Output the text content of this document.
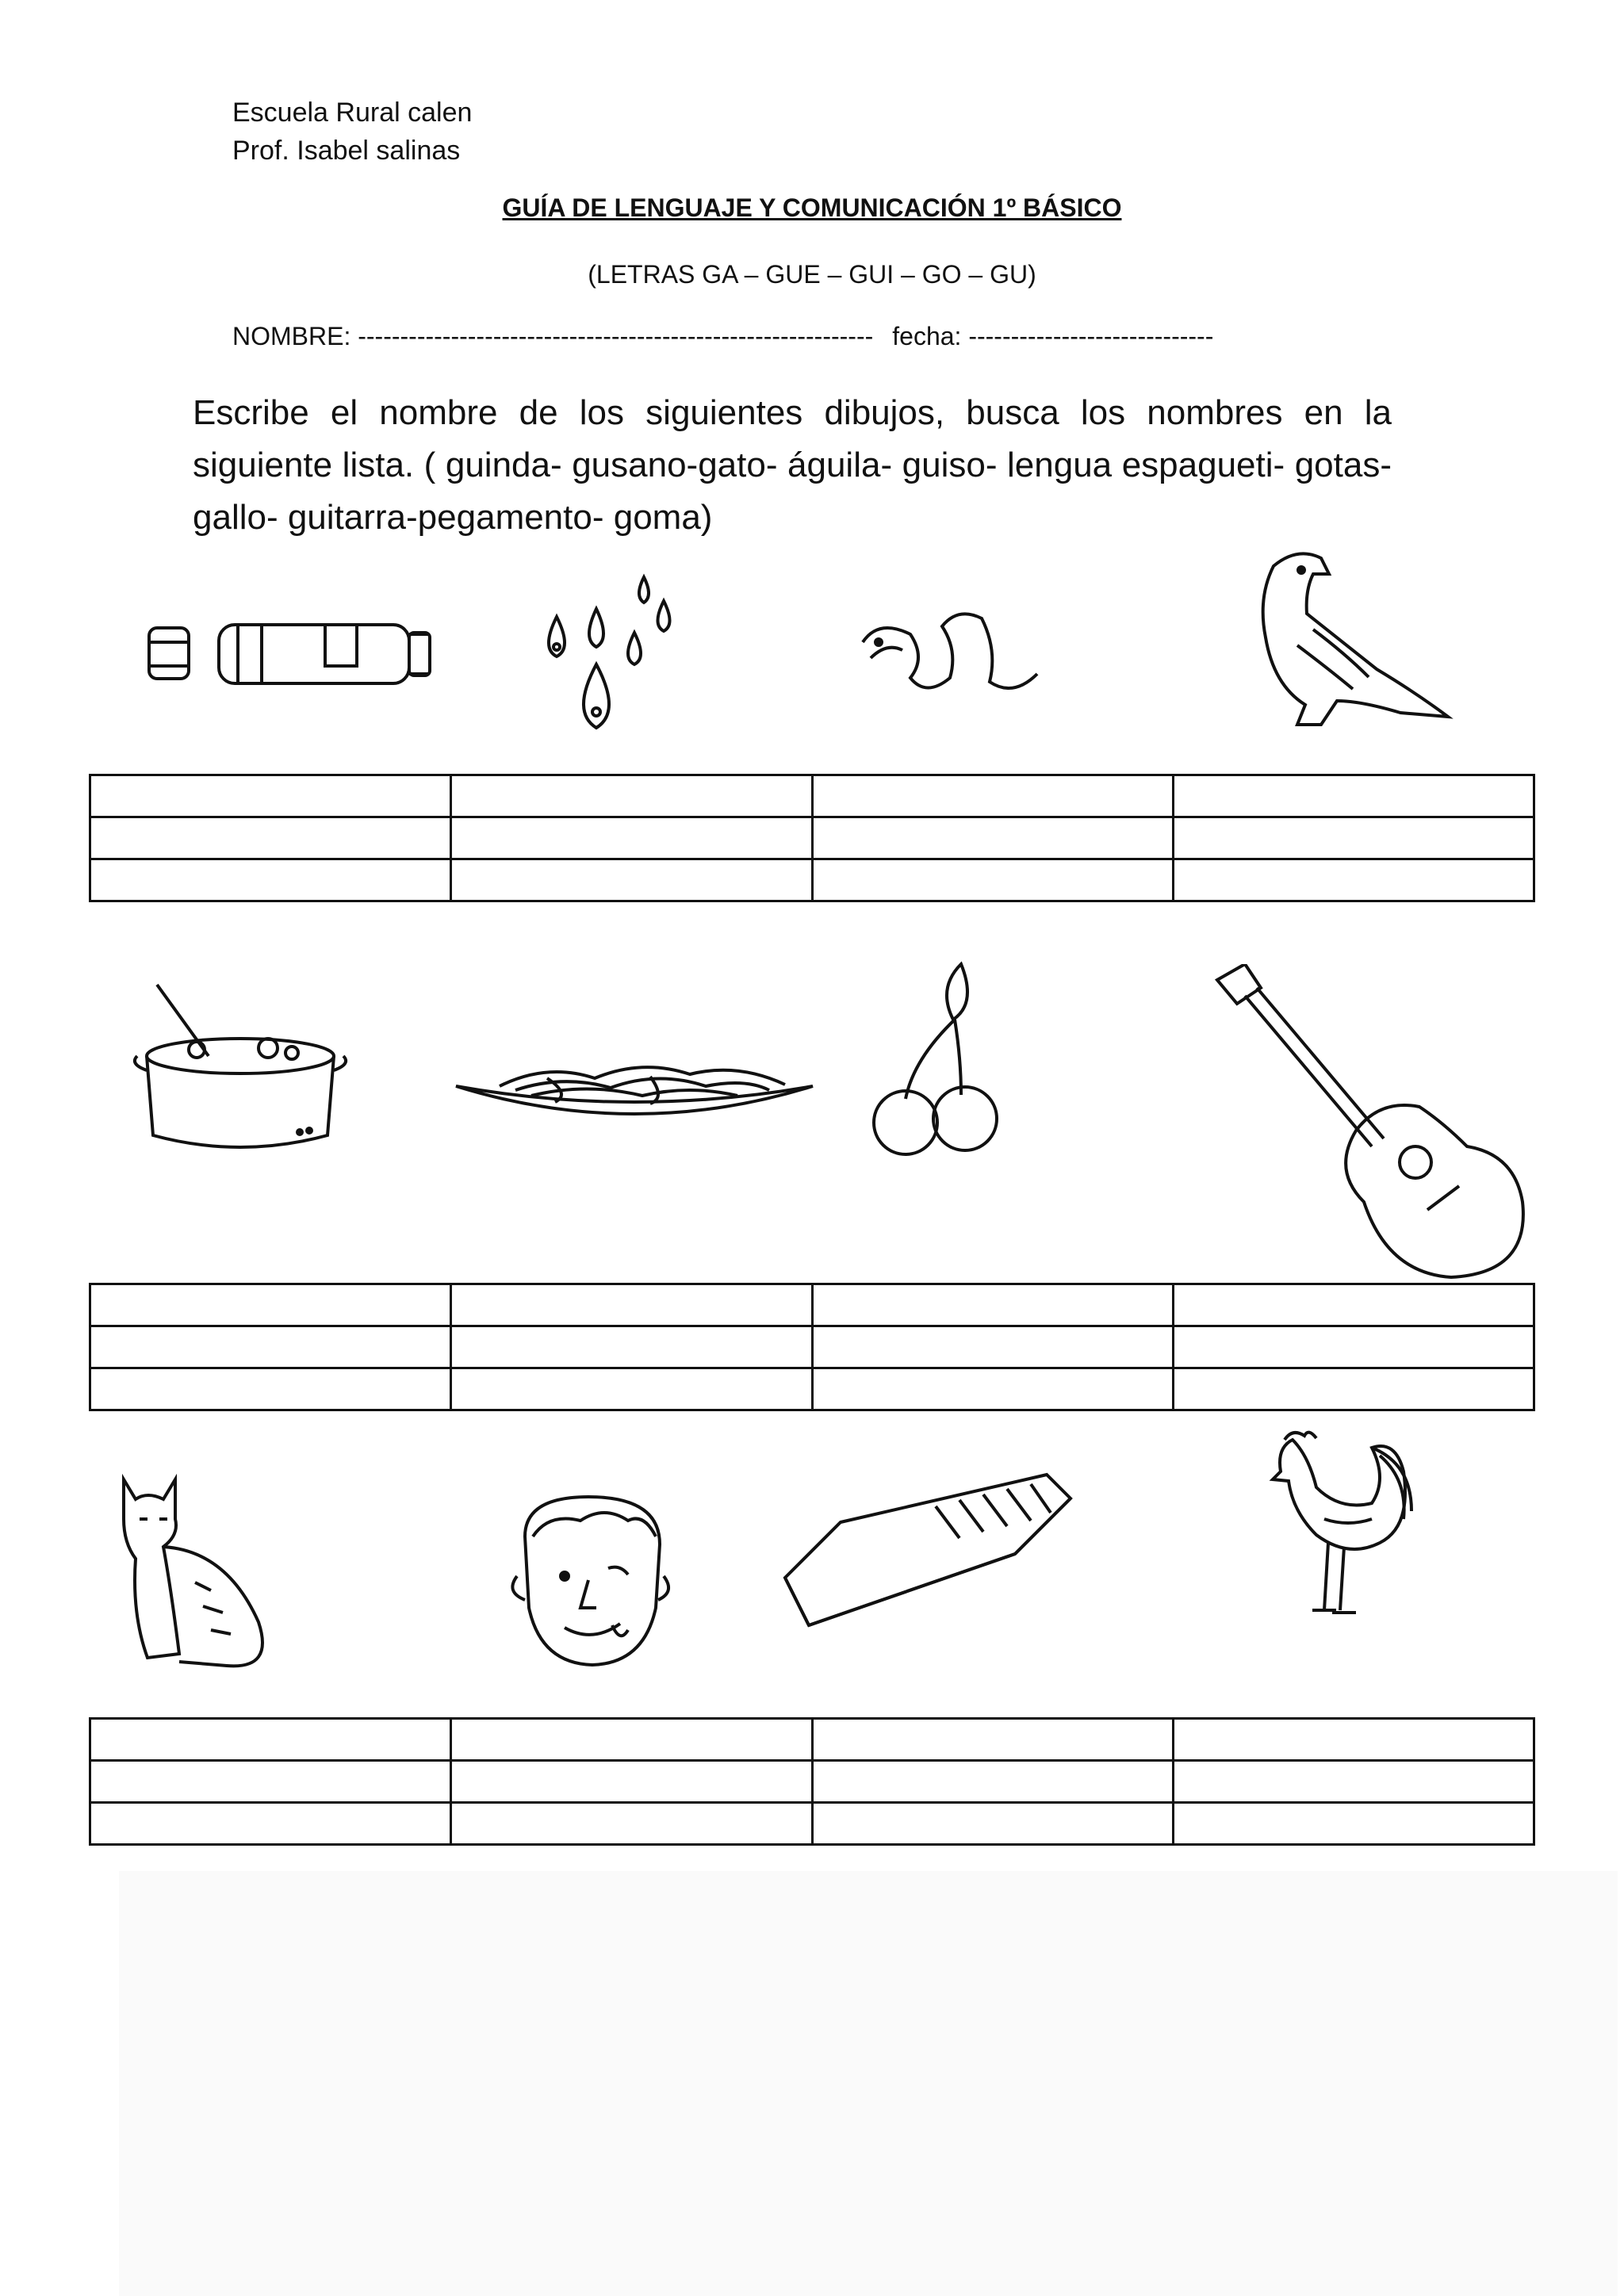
Escuela Rural calen
Prof. Isabel salinas
GUÍA DE LENGUAJE Y COMUNICACIÓN 1º BÁSICO
(LETRAS GA – GUE – GUI – GO – GU)
NOMBRE: ------------------------------------------------------------- fecha: -----------------------------
Escribe el nombre de los siguientes dibujos, busca los nombres en la siguiente lista. ( guinda- gusano-gato- águila- guiso- lengua espagueti- gotas- gallo- guitarra-pegamento- goma)
